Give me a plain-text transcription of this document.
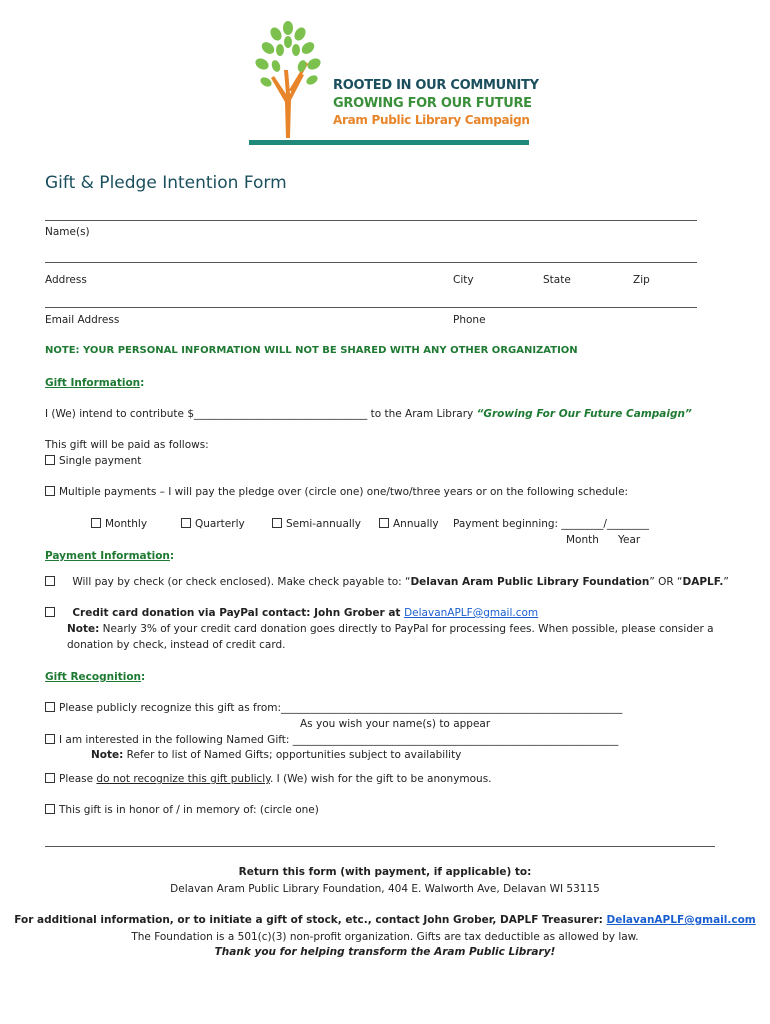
ROOTED IN OUR COMMUNITY
GROWING FOR OUR FUTURE
Aram Public Library Campaign
Gift & Pledge Intention Form
Name(s)
Address	City	State	Zip
Email Address	Phone
NOTE: YOUR PERSONAL INFORMATION WILL NOT BE SHARED WITH ANY OTHER ORGANIZATION
Gift Information:
I (We) intend to contribute $_________________________________ to the Aram Library “Growing For Our Future Campaign”
This gift will be paid as follows:
Single payment
Multiple payments – I will pay the pledge over (circle one) one/two/three years or on the following schedule:
Monthly	Quarterly	Semi-annually	Annually Payment beginning: ________/________
Month Year
Payment Information:
Will pay by check (or check enclosed). Make check payable to: “Delavan Aram Public Library Foundation” OR “DAPLF.”
Credit card donation via PayPal contact: John Grober at DelavanAPLF@gmail.com
Note: Nearly 3% of your credit card donation goes directly to PayPal for processing fees. When possible, please consider a
donation by check, instead of credit card.
Gift Recognition:
Please publicly recognize this gift as from:_________________________________________________________________
As you wish your name(s) to appear
I am interested in the following Named Gift: ______________________________________________________________
Note: Refer to list of Named Gifts; opportunities subject to availability
Please do not recognize this gift publicly. I (We) wish for the gift to be anonymous.
This gift is in honor of / in memory of: (circle one)
Return this form (with payment, if applicable) to:
Delavan Aram Public Library Foundation, 404 E. Walworth Ave, Delavan WI 53115
For additional information, or to initiate a gift of stock, etc., contact John Grober, DAPLF Treasurer: DelavanAPLF@gmail.com
The Foundation is a 501(c)(3) non-profit organization. Gifts are tax deductible as allowed by law.
Thank you for helping transform the Aram Public Library!
